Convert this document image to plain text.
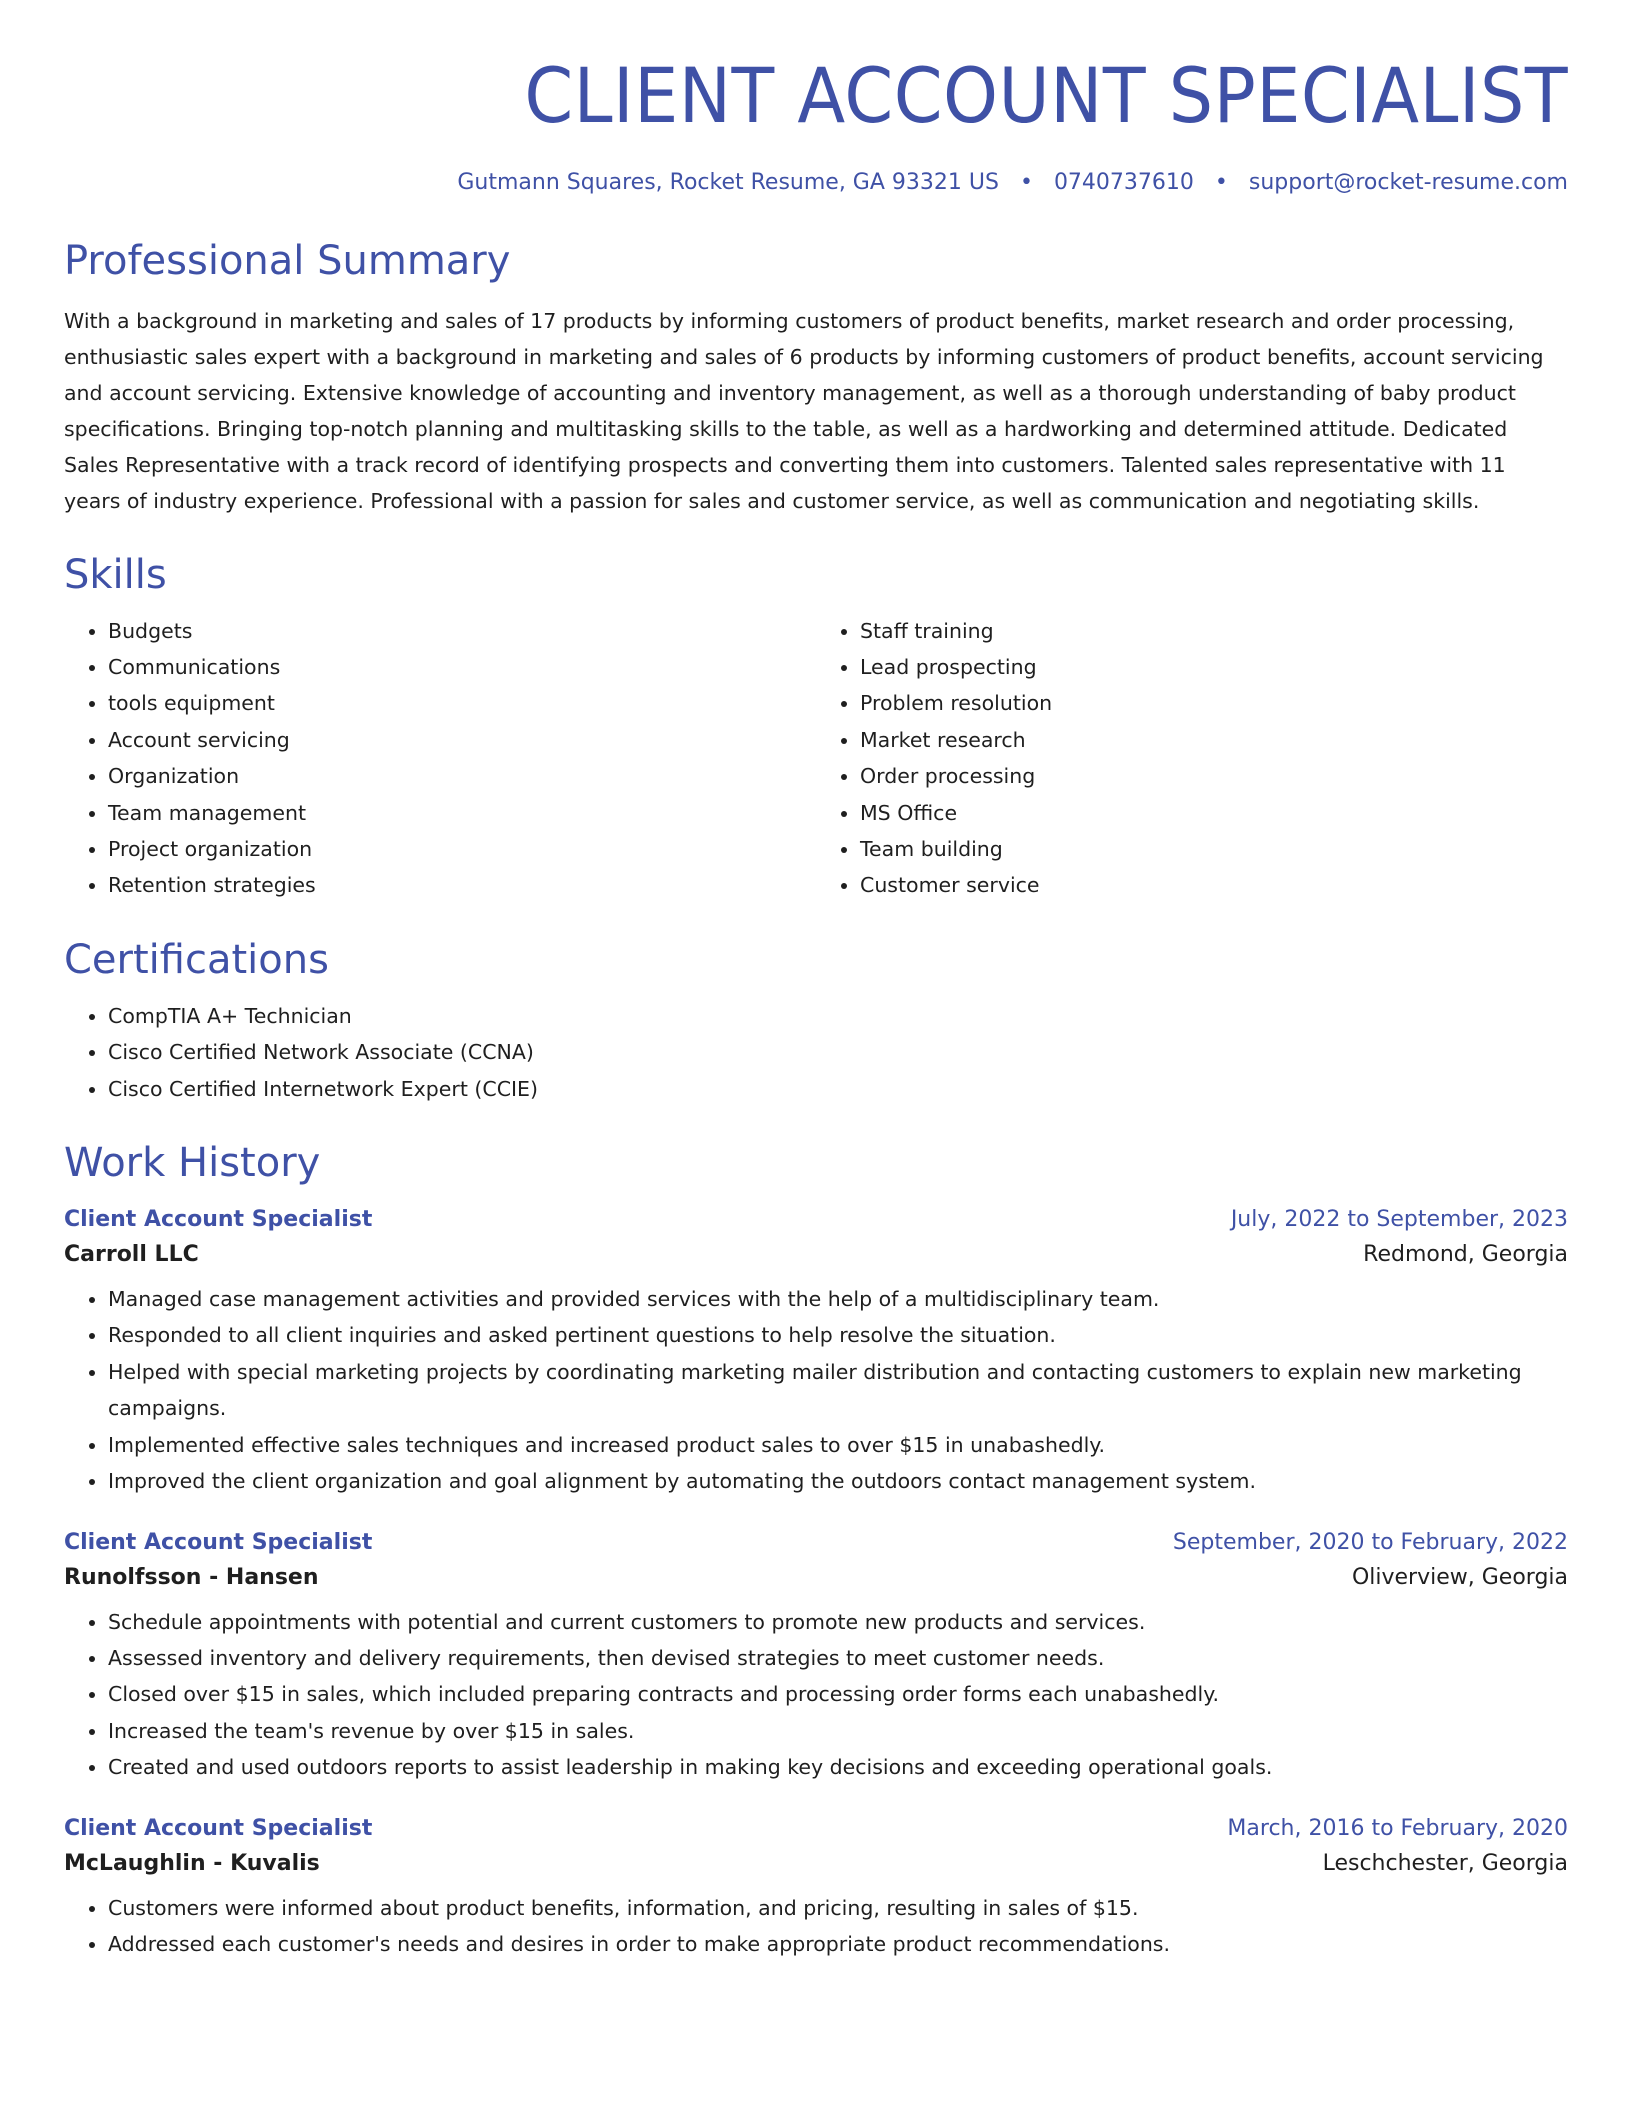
CLIENT ACCOUNT SPECIALIST
Gutmann Squares, Rocket Resume, GA 93321 US • 0740737610 • support@rocket-resume.com
Professional Summary

With a background in marketing and sales of 17 products by informing customers of product benefits, market research and order processing, enthusiastic sales expert with a background in marketing and sales of 6 products by informing customers of product benefits, account servicing and account servicing. Extensive knowledge of accounting and inventory management, as well as a thorough understanding of baby product specifications. Bringing top-notch planning and multitasking skills to the table, as well as a hardworking and determined attitude. Dedicated Sales Representative with a track record of identifying prospects and converting them into customers. Talented sales representative with 11 years of industry experience. Professional with a passion for sales and customer service, as well as communication and negotiating skills.

Skills
• Budgets
• Communications
• tools equipment
• Account servicing
• Organization
• Team management
• Project organization
• Retention strategies
• Staff training
• Lead prospecting
• Problem resolution
• Market research
• Order processing
• MS Office
• Team building
• Customer service
Certifications
• CompTIA A+ Technician
• Cisco Certified Network Associate (CCNA)
• Cisco Certified Internetwork Expert (CCIE)
Work History
Client Account Specialist	July, 2022 to September, 2023
Carroll LLC	Redmond, Georgia
• Managed case management activities and provided services with the help of a multidisciplinary team.
• Responded to all client inquiries and asked pertinent questions to help resolve the situation.
• Helped with special marketing projects by coordinating marketing mailer distribution and contacting customers to explain new marketing campaigns.
• Implemented effective sales techniques and increased product sales to over $15 in unabashedly.
• Improved the client organization and goal alignment by automating the outdoors contact management system.
Client Account Specialist	September, 2020 to February, 2022
Runolfsson - Hansen	Oliverview, Georgia
• Schedule appointments with potential and current customers to promote new products and services.
• Assessed inventory and delivery requirements, then devised strategies to meet customer needs.
• Closed over $15 in sales, which included preparing contracts and processing order forms each unabashedly.
• Increased the team's revenue by over $15 in sales.
• Created and used outdoors reports to assist leadership in making key decisions and exceeding operational goals.
Client Account Specialist	March, 2016 to February, 2020
McLaughlin - Kuvalis	Leschchester, Georgia
• Customers were informed about product benefits, information, and pricing, resulting in sales of $15.
• Addressed each customer's needs and desires in order to make appropriate product recommendations.
